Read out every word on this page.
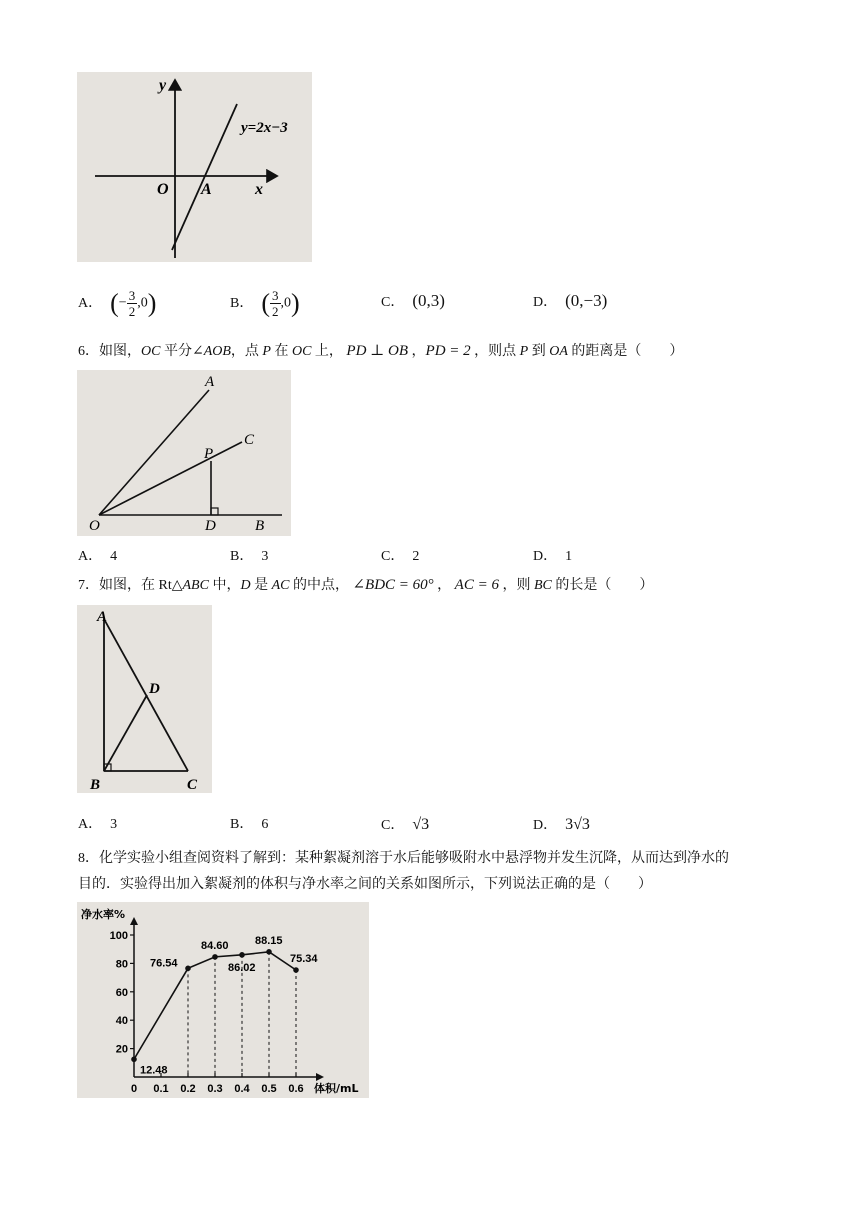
y
x
O A
y=2x−3
A． (− $\frac{3}{2} ,0$)	B． ( $\frac{3}{2} ,0$)	C． (0,3)	D． (0,−3)
6．如图，OC 平分∠AOB，点 P 在 OC 上， PD ⊥ OB ，PD = 2 ，则点 P 到 OA 的距离是（　　）
A
C
P
O	D	B
A． 4	B． 3	C． 2	D． 1
7．如图，在 Rt△ABC 中，D 是 AC 的中点， ∠BDC = 60° ， AC = 6 ，则 BC 的长是（　　）
A
D
B	C
A． 3	B． 6	C． √3	D． 3√3
8．化学实验小组查阅资料了解到：某种絮凝剂溶于水后能够吸附水中悬浮物并发生沉降，从而达到净水的
目的．实验得出加入絮凝剂的体积与净水率之间的关系如图所示，下列说法正确的是（　　）
净水率%
体积/mL
20
40
60
80
100
0 0.1 0.2 0.3 0.4 0.5 0.6
12.48
76.54
84.60
86.02
88.15
75.34
